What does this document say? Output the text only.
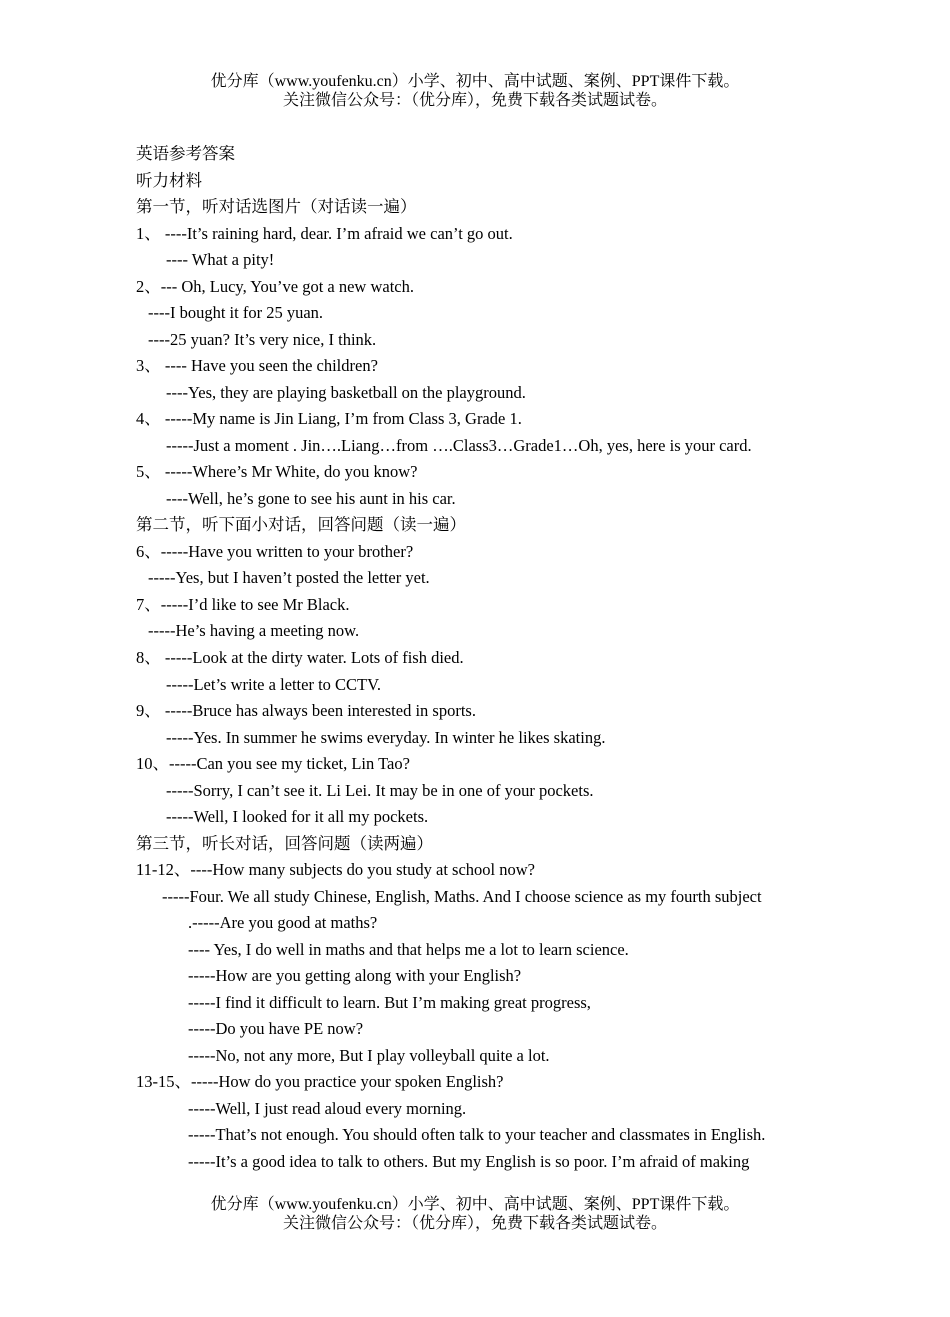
优分库（www.youfenku.cn）小学、初中、高中试题、案例、PPT课件下载。
关注微信公众号：（优分库），免费下载各类试题试卷。
英语参考答案
听力材料
第一节，听对话选图片（对话读一遍）
1、 ----It’s raining hard, dear. I’m afraid we can’t go out.
---- What a pity!
2、--- Oh, Lucy, You’ve got a new watch.
----I bought it for 25 yuan.
----25 yuan? It’s very nice, I think.
3、 ---- Have you seen the children?
----Yes, they are playing basketball on the playground.
4、 -----My name is Jin Liang, I’m from Class 3, Grade 1.
-----Just a moment . Jin….Liang…from ….Class3…Grade1…Oh, yes, here is your card.
5、 -----Where’s Mr White, do you know?
----Well, he’s gone to see his aunt in his car.
第二节，听下面小对话，回答问题（读一遍）
6、-----Have you written to your brother?
-----Yes, but I haven’t posted the letter yet.
7、-----I’d like to see Mr Black.
-----He’s having a meeting now.
8、 -----Look at the dirty water. Lots of fish died.
-----Let’s write a letter to CCTV.
9、 -----Bruce has always been interested in sports.
-----Yes. In summer he swims everyday. In winter he likes skating.
10、-----Can you see my ticket, Lin Tao?
-----Sorry, I can’t see it. Li Lei. It may be in one of your pockets.
-----Well, I looked for it all my pockets.
第三节，听长对话，回答问题（读两遍）
11-12、----How many subjects do you study at school now?
-----Four. We all study Chinese, English, Maths. And I choose science as my fourth subject
.-----Are you good at maths?
---- Yes, I do well in maths and that helps me a lot to learn science.
-----How are you getting along with your English?
-----I find it difficult to learn. But I’m making great progress,
-----Do you have PE now?
-----No, not any more, But I play volleyball quite a lot.
13-15、-----How do you practice your spoken English?
-----Well, I just read aloud every morning.
-----That’s not enough. You should often talk to your teacher and classmates in English.
-----It’s a good idea to talk to others. But my English is so poor. I’m afraid of making
优分库（www.youfenku.cn）小学、初中、高中试题、案例、PPT课件下载。
关注微信公众号：（优分库），免费下载各类试题试卷。
